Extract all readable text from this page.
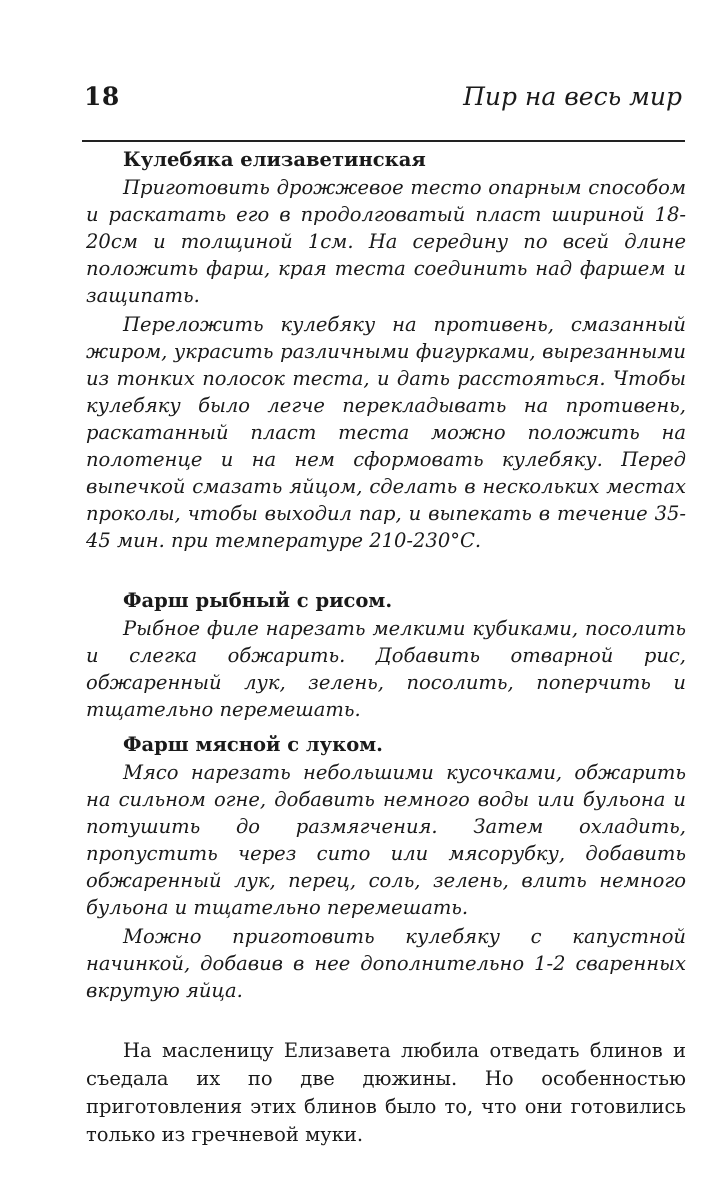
18	Пир на весь мир
Кулебяка елизаветинская

Приготовить дрожжевое тесто опарным способом и раскатать его в продолговатый пласт шириной 18-20см и толщиной 1см. На середину по всей длине положить фарш, края теста соединить над фаршем и защипать.

Переложить кулебяку на противень, смазанный жиром, украсить различными фигурками, вырезанными из тонких полосок теста, и дать расстояться. Чтобы кулебяку было легче перекладывать на противень, раскатанный пласт теста можно положить на полотенце и на нем сформовать кулебяку. Перед выпечкой смазать яйцом, сделать в нескольких местах проколы, чтобы выходил пар, и выпекать в течение 35-45 мин. при температуре 210-230°С.

Фарш рыбный с рисом.

Рыбное филе нарезать мелкими кубиками, посолить и слегка обжарить. Добавить отварной рис, обжаренный лук, зелень, посолить, поперчить и тщательно перемешать.

Фарш мясной с луком.

Мясо нарезать небольшими кусочками, обжарить на сильном огне, добавить немного воды или бульона и потушить до размягчения. Затем охладить, пропустить через сито или мясорубку, добавить обжаренный лук, перец, соль, зелень, влить немного бульона и тщательно перемешать.

Можно приготовить кулебяку с капустной начинкой, добавив в нее дополнительно 1-2 сваренных вкрутую яйца.

На масленицу Елизавета любила отведать блинов и съедала их по две дюжины. Но особенностью приготовления этих блинов было то, что они готовились только из гречневой муки.
